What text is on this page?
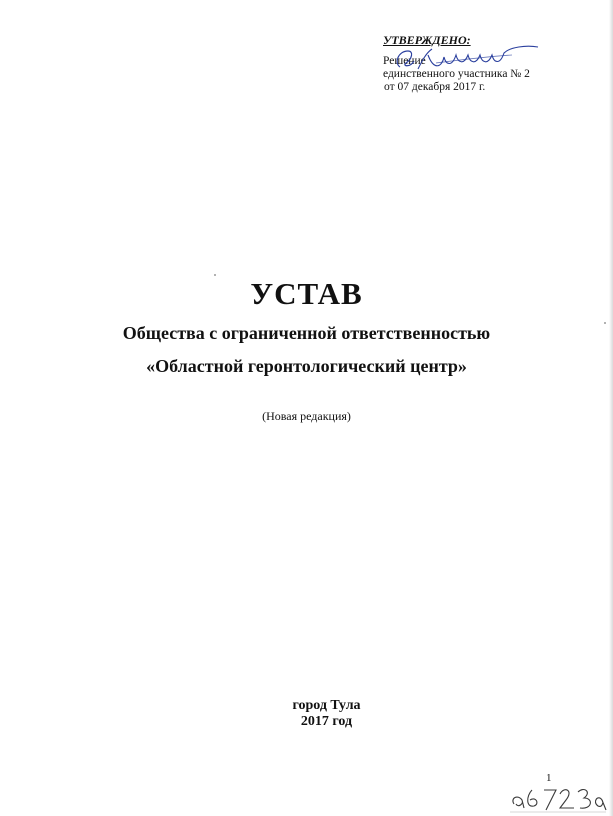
УТВЕРЖДЕНО:
Решение
единственного участника № 2
от 07 декабря 2017 г.
УСТАВ
Общества с ограниченной ответственностью
«Областной геронтологический центр»
(Новая редакция)
город Тула
2017 год
1
